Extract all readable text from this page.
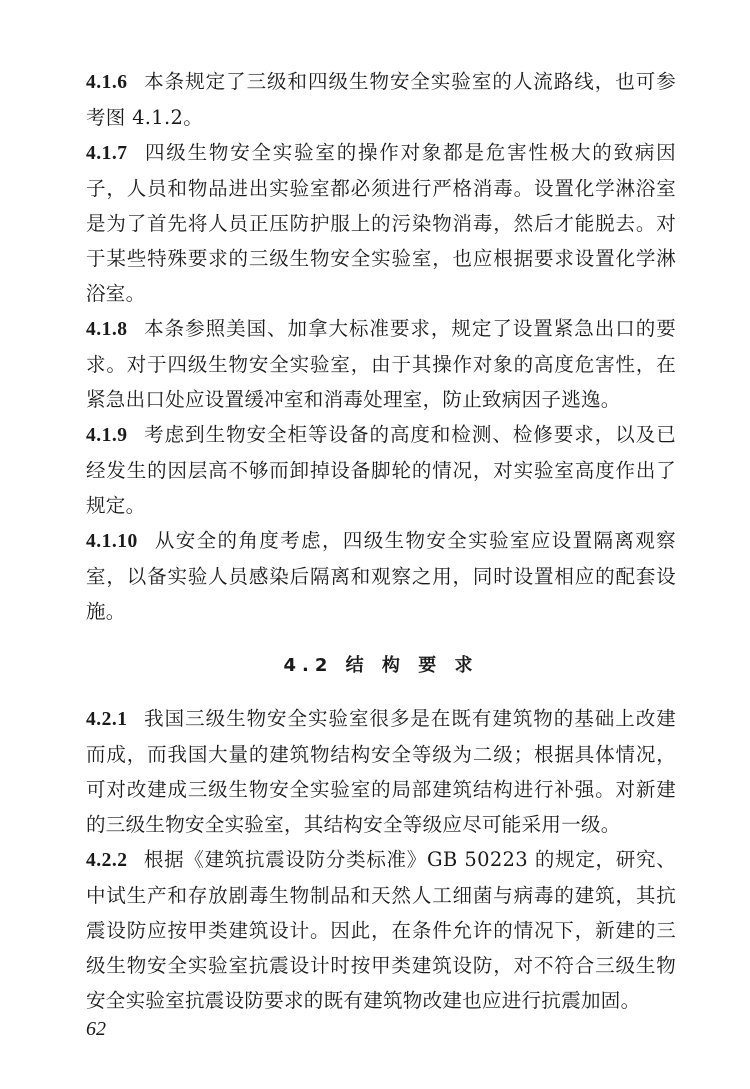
4.1.6 本条规定了三级和四级生物安全实验室的人流路线，也可参考图 4.1.2。

4.1.7 四级生物安全实验室的操作对象都是危害性极大的致病因子，人员和物品进出实验室都必须进行严格消毒。设置化学淋浴室是为了首先将人员正压防护服上的污染物消毒，然后才能脱去。对于某些特殊要求的三级生物安全实验室，也应根据要求设置化学淋浴室。

4.1.8 本条参照美国、加拿大标准要求，规定了设置紧急出口的要求。对于四级生物安全实验室，由于其操作对象的高度危害性，在紧急出口处应设置缓冲室和消毒处理室，防止致病因子逃逸。

4.1.9 考虑到生物安全柜等设备的高度和检测、检修要求，以及已经发生的因层高不够而卸掉设备脚轮的情况，对实验室高度作出了规定。

4.1.10 从安全的角度考虑，四级生物安全实验室应设置隔离观察室，以备实验人员感染后隔离和观察之用，同时设置相应的配套设施。

4.2 结 构 要 求

4.2.1 我国三级生物安全实验室很多是在既有建筑物的基础上改建而成，而我国大量的建筑物结构安全等级为二级；根据具体情况，可对改建成三级生物安全实验室的局部建筑结构进行补强。对新建的三级生物安全实验室，其结构安全等级应尽可能采用一级。

4.2.2 根据《建筑抗震设防分类标准》GB 50223 的规定，研究、中试生产和存放剧毒生物制品和天然人工细菌与病毒的建筑，其抗震设防应按甲类建筑设计。因此，在条件允许的情况下，新建的三级生物安全实验室抗震设计时按甲类建筑设防，对不符合三级生物安全实验室抗震设防要求的既有建筑物改建也应进行抗震加固。

62
